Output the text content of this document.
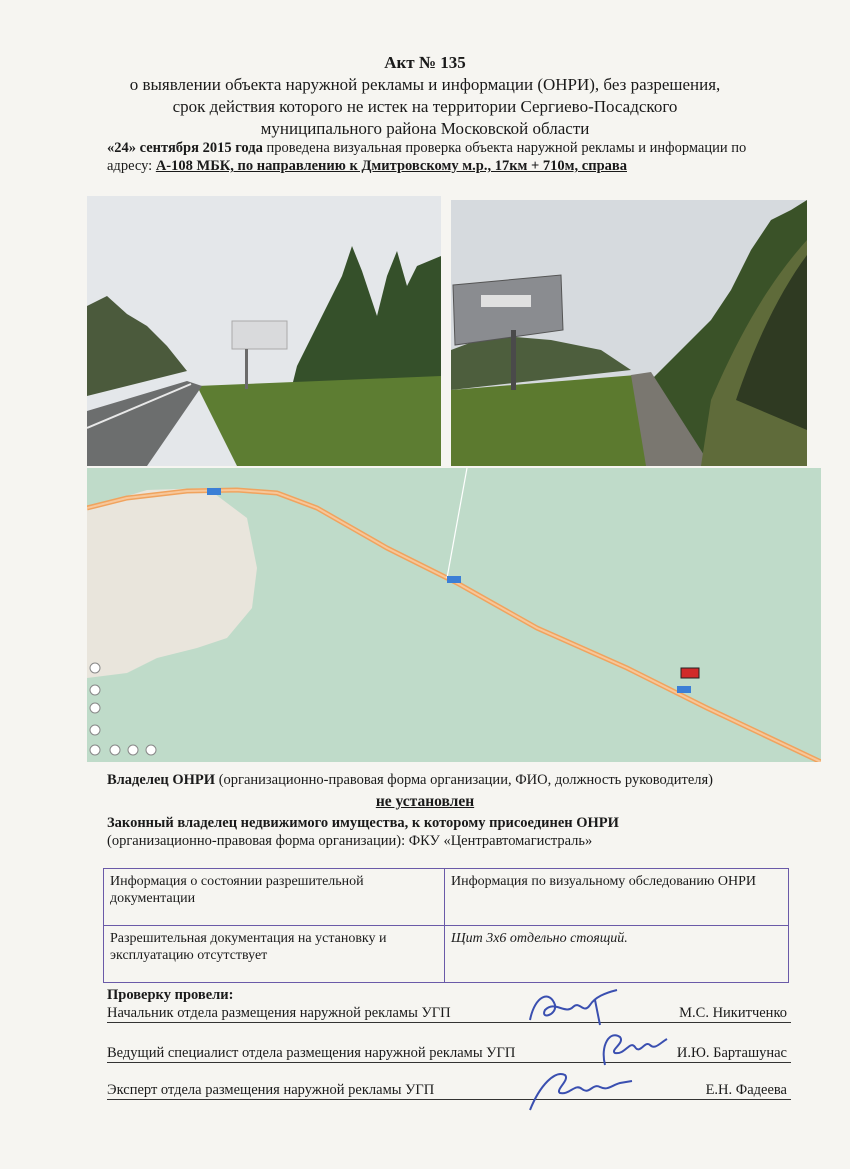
Акт № 135
о выявлении объекта наружной рекламы и информации (ОНРИ), без разрешения,
срок действия которого не истек на территории Сергиево-Посадского
муниципального района Московской области
«24» сентября 2015 года проведена визуальная проверка объекта наружной рекламы и информации по адресу: А-108 МБК, по направлению к Дмитровскому м.р., 17км + 710м, справа
Владелец ОНРИ (организационно-правовая форма организации, ФИО, должность руководителя)
не установлен
Законный владелец недвижимого имущества, к которому присоединен ОНРИ
(организационно-правовая форма организации): ФКУ «Центравтомагистраль»
Информация о состоянии разрешительной документации	Информация по визуальному обследованию ОНРИ
Разрешительная документация на установку и эксплуатацию отсутствует	Щит 3х6 отдельно стоящий.
Проверку провели:
Начальник отдела размещения наружной рекламы УГП	М.С. Никитченко
Ведущий специалист отдела размещения наружной рекламы УГП	И.Ю. Барташунас
Эксперт отдела размещения наружной рекламы УГП	Е.Н. Фадеева
